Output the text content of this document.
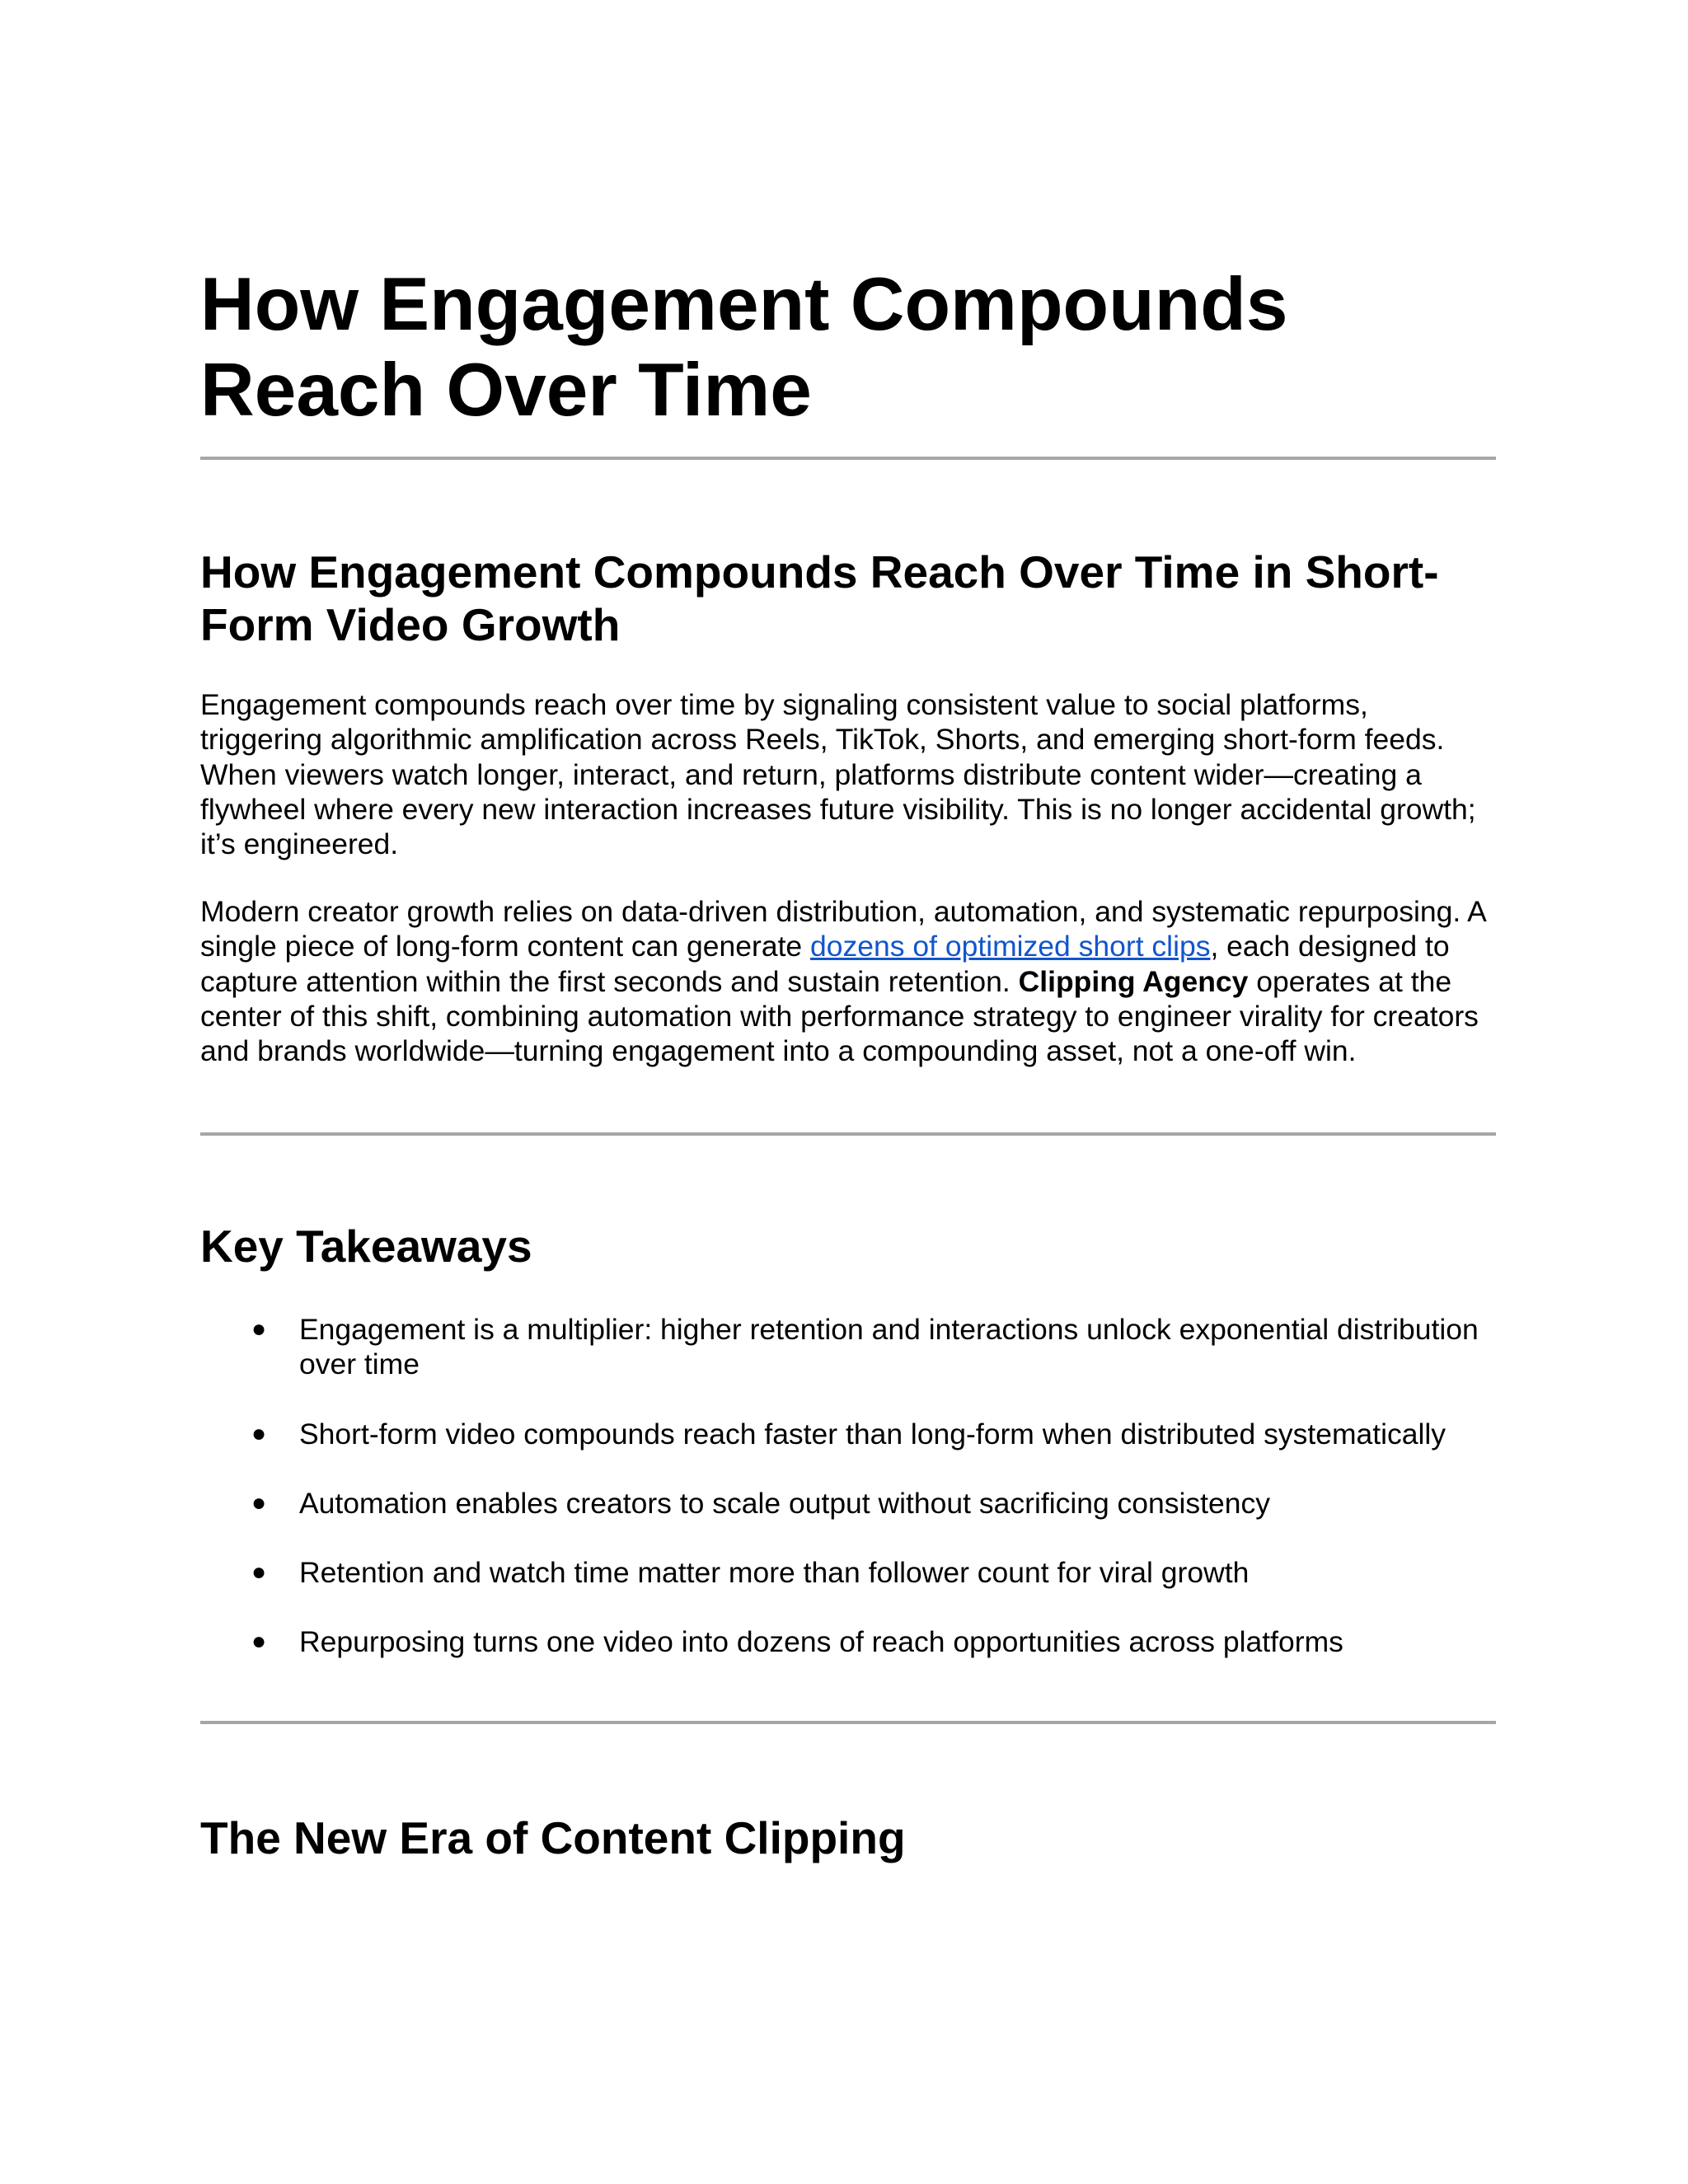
How Engagement Compounds Reach Over Time
How Engagement Compounds Reach Over Time in Short-Form Video Growth

Engagement compounds reach over time by signaling consistent value to social platforms, triggering algorithmic amplification across Reels, TikTok, Shorts, and emerging short-form feeds. When viewers watch longer, interact, and return, platforms distribute content wider—creating a flywheel where every new interaction increases future visibility. This is no longer accidental growth; it’s engineered.

Modern creator growth relies on data-driven distribution, automation, and systematic repurposing. A single piece of long-form content can generate dozens of optimized short clips, each designed to capture attention within the first seconds and sustain retention. Clipping Agency operates at the center of this shift, combining automation with performance strategy to engineer virality for creators and brands worldwide—turning engagement into a compounding asset, not a one-off win.

Key Takeaways
● Engagement is a multiplier: higher retention and interactions unlock exponential distribution over time
● Short-form video compounds reach faster than long-form when distributed systematically
● Automation enables creators to scale output without sacrificing consistency
● Retention and watch time matter more than follower count for viral growth
● Repurposing turns one video into dozens of reach opportunities across platforms
The New Era of Content Clipping
